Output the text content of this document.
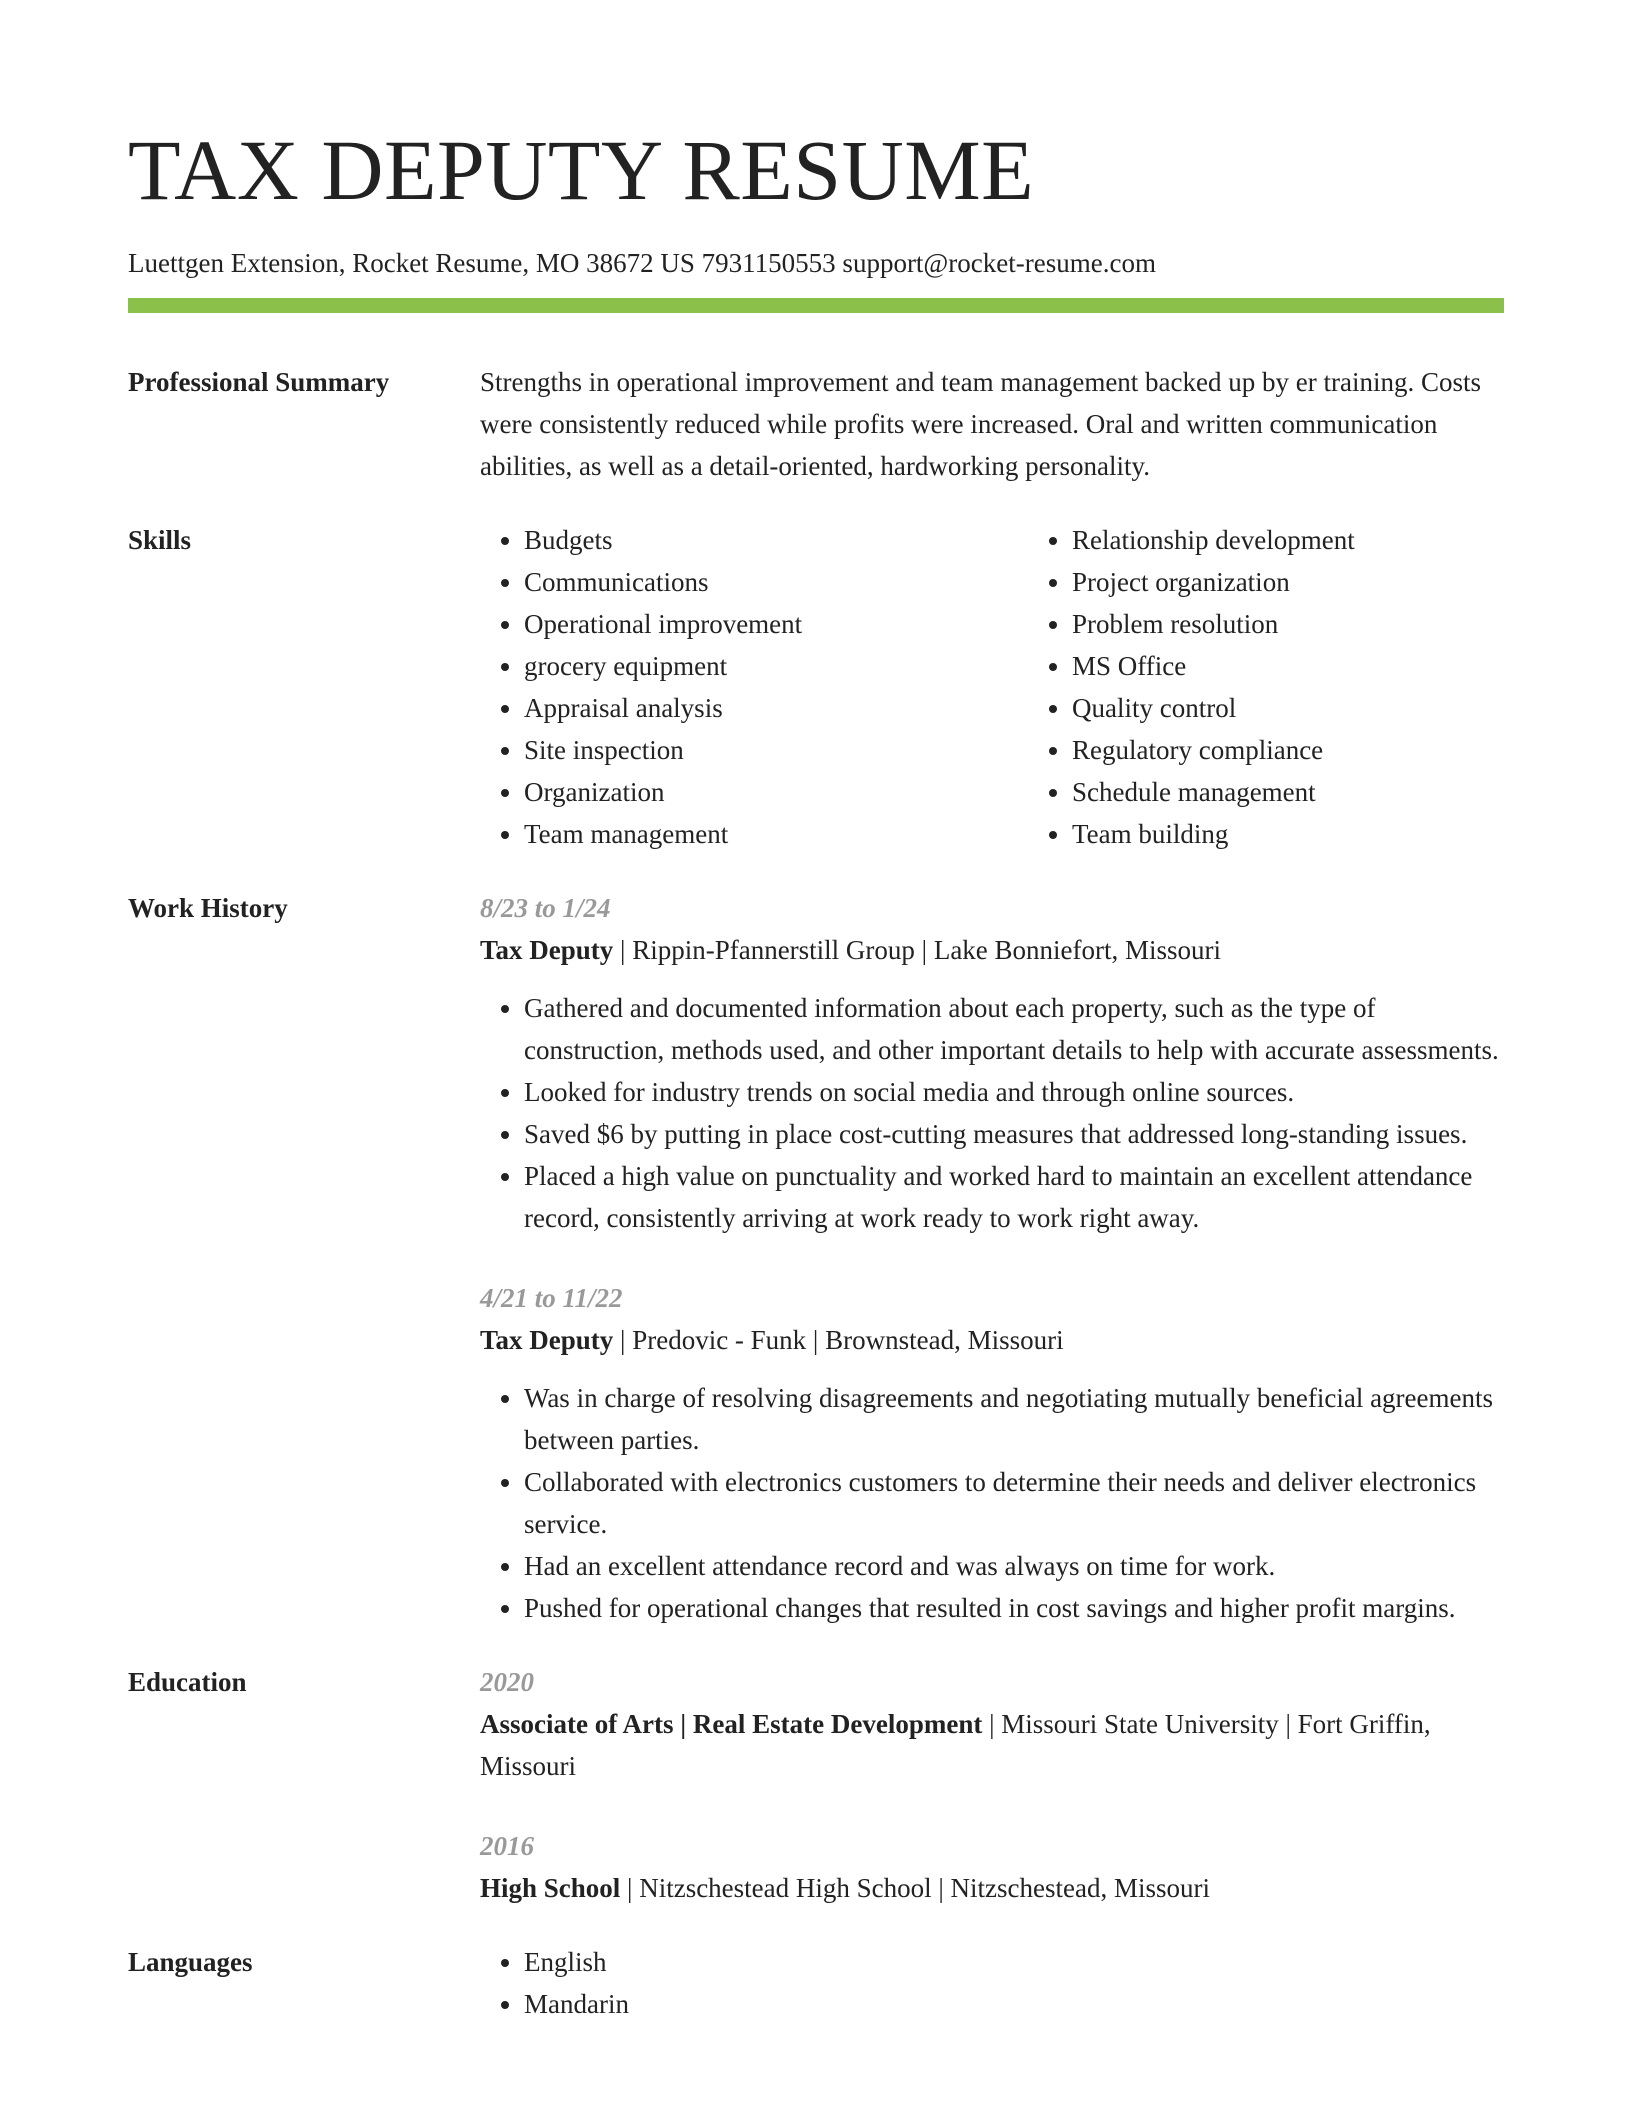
TAX DEPUTY RESUME
Luettgen Extension, Rocket Resume, MO 38672 US 7931150553 support@rocket-resume.com
Professional Summary	Strengths in operational improvement and team management backed up by er training. Costs were consistently reduced while profits were increased. Oral and written communication abilities, as well as a detail-oriented, hardworking personality.

Skills	• Budgets
• Communications
• Operational improvement
• grocery equipment
• Appraisal analysis
• Site inspection
• Organization
• Team management
• Relationship development
• Project organization
• Problem resolution
• MS Office
• Quality control
• Regulatory compliance
• Schedule management
• Team building
Work History	8/23 to 1/24
Tax Deputy | Rippin-Pfannerstill Group | Lake Bonniefort, Missouri
• Gathered and documented information about each property, such as the type of construction, methods used, and other important details to help with accurate assessments.
• Looked for industry trends on social media and through online sources.
• Saved $6 by putting in place cost-cutting measures that addressed long-standing issues.
• Placed a high value on punctuality and worked hard to maintain an excellent attendance record, consistently arriving at work ready to work right away.
4/21 to 11/22
Tax Deputy | Predovic - Funk | Brownstead, Missouri
• Was in charge of resolving disagreements and negotiating mutually beneficial agreements between parties.
• Collaborated with electronics customers to determine their needs and deliver electronics service.
• Had an excellent attendance record and was always on time for work.
• Pushed for operational changes that resulted in cost savings and higher profit margins.
Education	2020
Associate of Arts | Real Estate Development | Missouri State University | Fort Griffin, Missouri
2016
High School | Nitzschestead High School | Nitzschestead, Missouri
Languages	• English
• Mandarin
